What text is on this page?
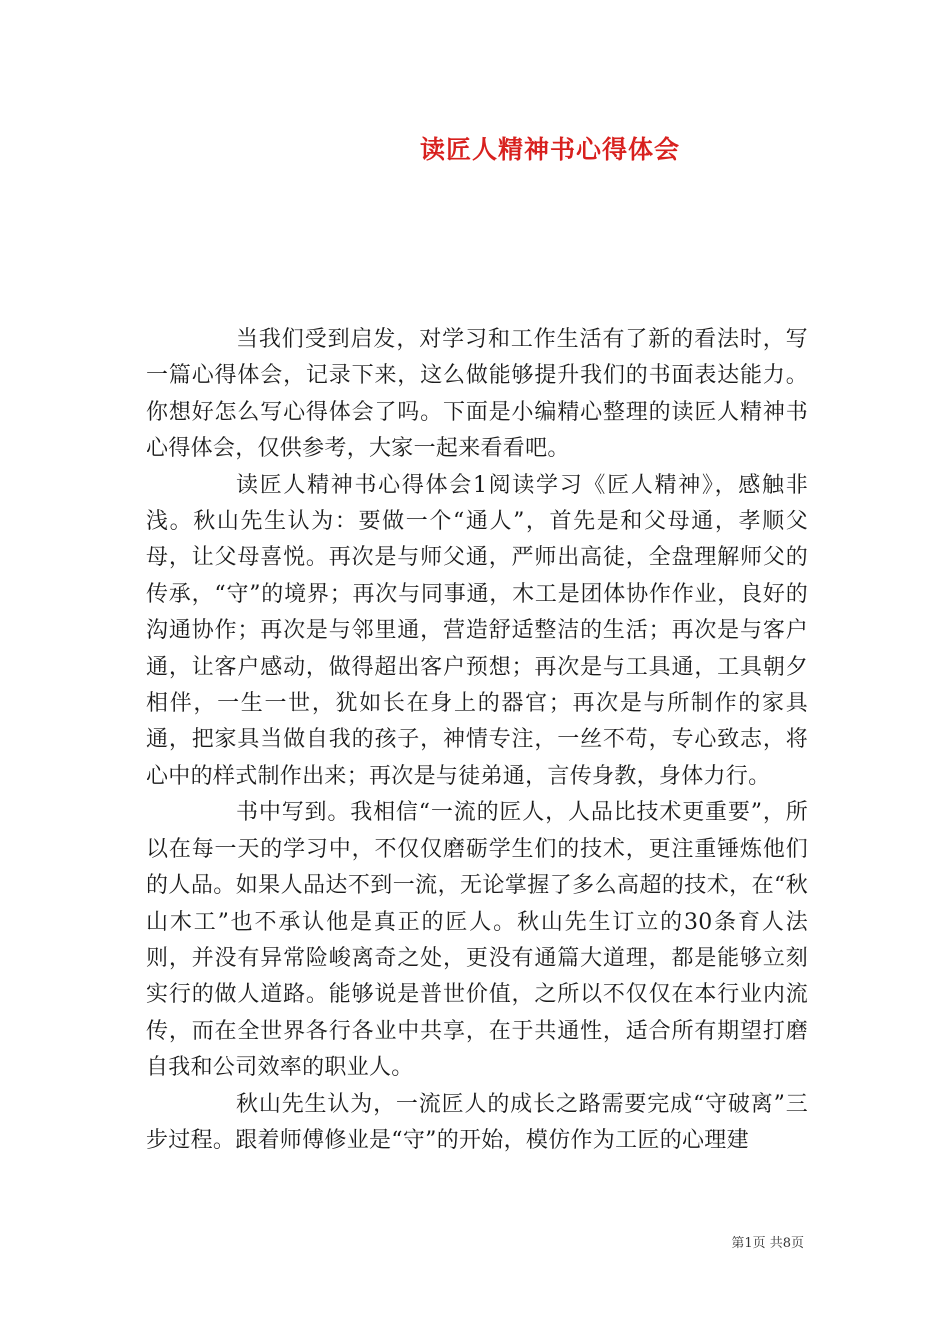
读匠人精神书心得体会

当我们受到启发，对学习和工作生活有了新的看法时，写一篇心得体会，记录下来，这么做能够提升我们的书面表达能力。你想好怎么写心得体会了吗。下面是小编精心整理的读匠人精神书心得体会，仅供参考，大家一起来看看吧。

读匠人精神书心得体会1阅读学习《匠人精神》，感触非浅。秋山先生认为：要做一个“通人”，首先是和父母通，孝顺父母，让父母喜悦。再次是与师父通，严师出高徒，全盘理解师父的传承，“守”的境界；再次与同事通，木工是团体协作作业，良好的沟通协作；再次是与邻里通，营造舒适整洁的生活；再次是与客户通，让客户感动，做得超出客户预想；再次是与工具通，工具朝夕相伴，一生一世，犹如长在身上的器官；再次是与所制作的家具通，把家具当做自我的孩子，神情专注，一丝不苟，专心致志，将心中的样式制作出来；再次是与徒弟通，言传身教，身体力行。

书中写到。我相信“一流的匠人，人品比技术更重要”，所以在每一天的学习中，不仅仅磨砺学生们的技术，更注重锤炼他们的人品。如果人品达不到一流，无论掌握了多么高超的技术，在“秋山木工”也不承认他是真正的匠人。秋山先生订立的30条育人法则，并没有异常险峻离奇之处，更没有通篇大道理，都是能够立刻实行的做人道路。能够说是普世价值，之所以不仅仅在本行业内流传，而在全世界各行各业中共享，在于共通性，适合所有期望打磨自我和公司效率的职业人。

秋山先生认为，一流匠人的成长之路需要完成“守破离”三步过程。跟着师傅修业是“守”的开始，模仿作为工匠的心理建

第1页 共8页
